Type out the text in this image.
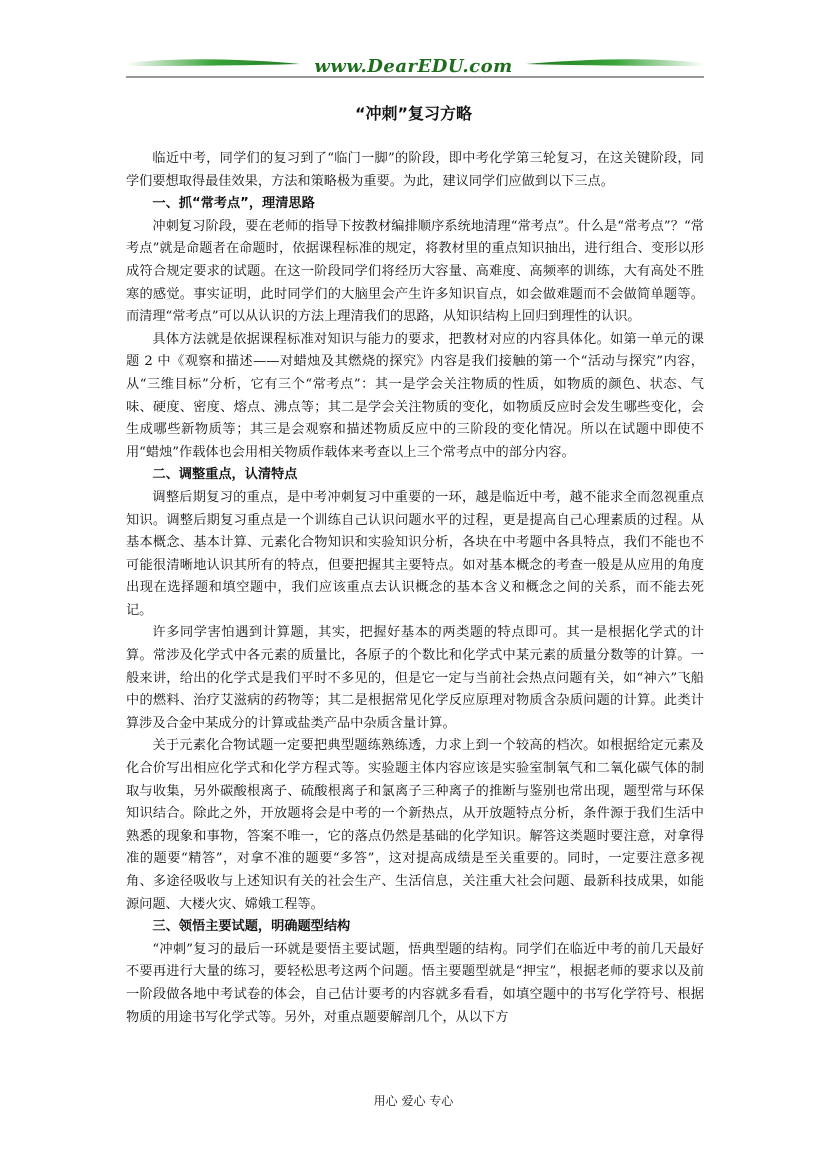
www.DearEDU.com
“冲刺”复习方略

临近中考，同学们的复习到了“临门一脚”的阶段，即中考化学第三轮复习，在这关键阶段，同学们要想取得最佳效果，方法和策略极为重要。为此，建议同学们应做到以下三点。

一、抓“常考点”，理清思路

冲刺复习阶段，要在老师的指导下按教材编排顺序系统地清理“常考点”。什么是“常考点”？“常考点”就是命题者在命题时，依据课程标准的规定，将教材里的重点知识抽出，进行组合、变形以形成符合规定要求的试题。在这一阶段同学们将经历大容量、高难度、高频率的训练，大有高处不胜寒的感觉。事实证明，此时同学们的大脑里会产生许多知识盲点，如会做难题而不会做简单题等。而清理“常考点”可以从认识的方法上理清我们的思路，从知识结构上回归到理性的认识。

具体方法就是依据课程标准对知识与能力的要求，把教材对应的内容具体化。如第一单元的课题 2 中《观察和描述——对蜡烛及其燃烧的探究》内容是我们接触的第一个“活动与探究”内容，从“三维目标”分析，它有三个“常考点”：其一是学会关注物质的性质，如物质的颜色、状态、气味、硬度、密度、熔点、沸点等；其二是学会关注物质的变化，如物质反应时会发生哪些变化，会生成哪些新物质等；其三是会观察和描述物质反应中的三阶段的变化情况。所以在试题中即使不用“蜡烛”作载体也会用相关物质作载体来考查以上三个常考点中的部分内容。

二、调整重点，认清特点

调整后期复习的重点，是中考冲刺复习中重要的一环，越是临近中考，越不能求全而忽视重点知识。调整后期复习重点是一个训练自己认识问题水平的过程，更是提高自己心理素质的过程。从基本概念、基本计算、元素化合物知识和实验知识分析，各块在中考题中各具特点，我们不能也不可能很清晰地认识其所有的特点，但要把握其主要特点。如对基本概念的考查一般是从应用的角度出现在选择题和填空题中，我们应该重点去认识概念的基本含义和概念之间的关系，而不能去死记。

许多同学害怕遇到计算题，其实，把握好基本的两类题的特点即可。其一是根据化学式的计算。常涉及化学式中各元素的质量比，各原子的个数比和化学式中某元素的质量分数等的计算。一般来讲，给出的化学式是我们平时不多见的，但是它一定与当前社会热点问题有关，如“神六”飞船中的燃料、治疗艾滋病的药物等；其二是根据常见化学反应原理对物质含杂质问题的计算。此类计算涉及合金中某成分的计算或盐类产品中杂质含量计算。

关于元素化合物试题一定要把典型题练熟练透，力求上到一个较高的档次。如根据给定元素及化合价写出相应化学式和化学方程式等。实验题主体内容应该是实验室制氧气和二氧化碳气体的制取与收集，另外碳酸根离子、硫酸根离子和氯离子三种离子的推断与鉴别也常出现，题型常与环保知识结合。除此之外，开放题将会是中考的一个新热点，从开放题特点分析，条件源于我们生活中熟悉的现象和事物，答案不唯一，它的落点仍然是基础的化学知识。解答这类题时要注意，对拿得准的题要“精答”，对拿不准的题要“多答”，这对提高成绩是至关重要的。同时，一定要注意多视角、多途径吸收与上述知识有关的社会生产、生活信息，关注重大社会问题、最新科技成果，如能源问题、大楼火灾、嫦娥工程等。

三、领悟主要试题，明确题型结构

“冲刺”复习的最后一环就是要悟主要试题，悟典型题的结构。同学们在临近中考的前几天最好不要再进行大量的练习，要轻松思考这两个问题。悟主要题型就是“押宝”，根据老师的要求以及前一阶段做各地中考试卷的体会，自己估计要考的内容就多看看，如填空题中的书写化学符号、根据物质的用途书写化学式等。另外，对重点题要解剖几个，从以下方

用心 爱心 专心
